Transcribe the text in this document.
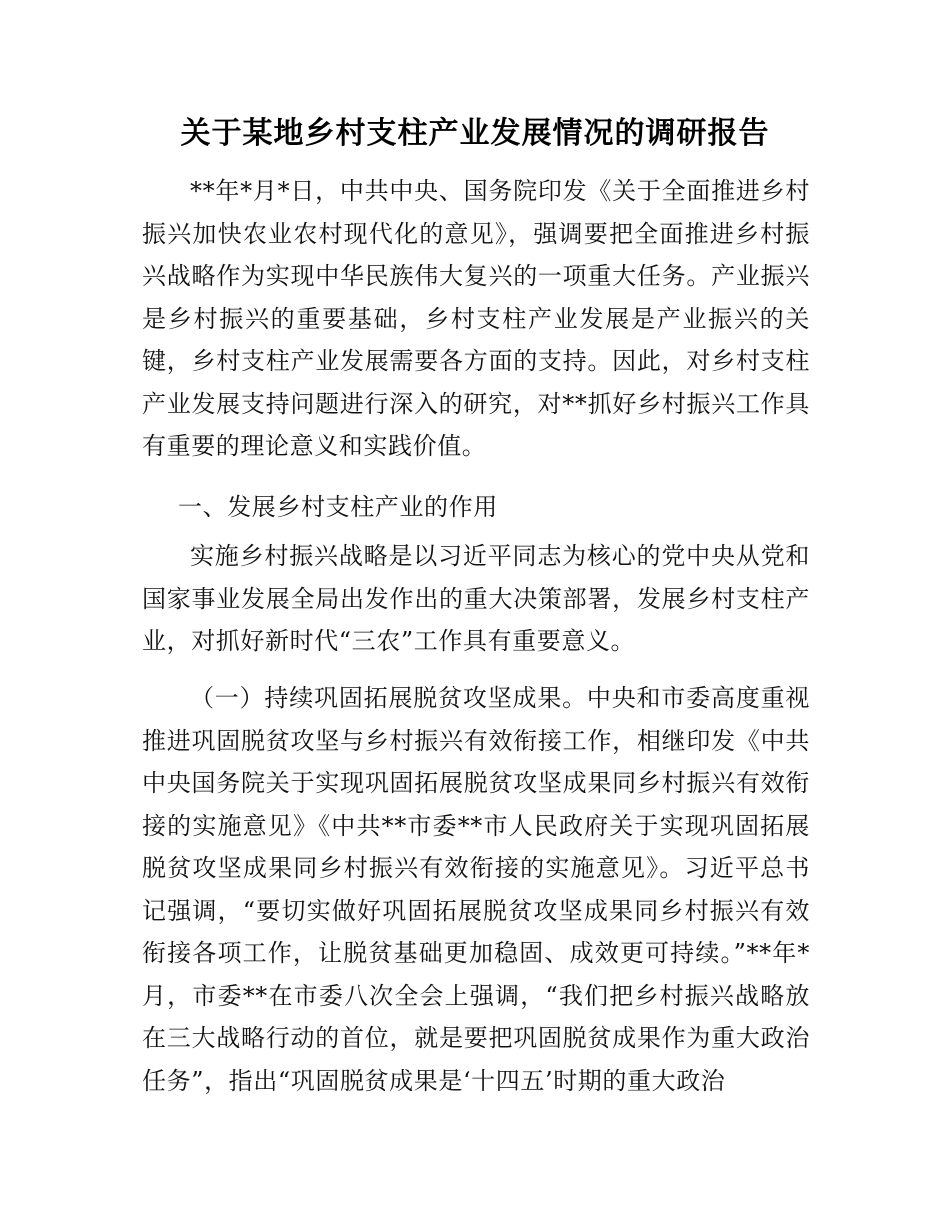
关于某地乡村支柱产业发展情况的调研报告

**年*月*日，中共中央、国务院印发《关于全面推进乡村振兴加快农业农村现代化的意见》，强调要把全面推进乡村振兴战略作为实现中华民族伟大复兴的一项重大任务。产业振兴是乡村振兴的重要基础，乡村支柱产业发展是产业振兴的关键，乡村支柱产业发展需要各方面的支持。因此，对乡村支柱产业发展支持问题进行深入的研究，对**抓好乡村振兴工作具有重要的理论意义和实践价值。

一、发展乡村支柱产业的作用

实施乡村振兴战略是以习近平同志为核心的党中央从党和国家事业发展全局出发作出的重大决策部署，发展乡村支柱产业，对抓好新时代“三农”工作具有重要意义。

（一）持续巩固拓展脱贫攻坚成果。中央和市委高度重视推进巩固脱贫攻坚与乡村振兴有效衔接工作，相继印发《中共中央国务院关于实现巩固拓展脱贫攻坚成果同乡村振兴有效衔接的实施意见》《中共**市委**市人民政府关于实现巩固拓展脱贫攻坚成果同乡村振兴有效衔接的实施意见》。习近平总书记强调，“要切实做好巩固拓展脱贫攻坚成果同乡村振兴有效衔接各项工作，让脱贫基础更加稳固、成效更可持续。”**年*月，市委**在市委八次全会上强调，“我们把乡村振兴战略放在三大战略行动的首位，就是要把巩固脱贫成果作为重大政治任务”，指出“巩固脱贫成果是‘十四五’时期的重大政治
